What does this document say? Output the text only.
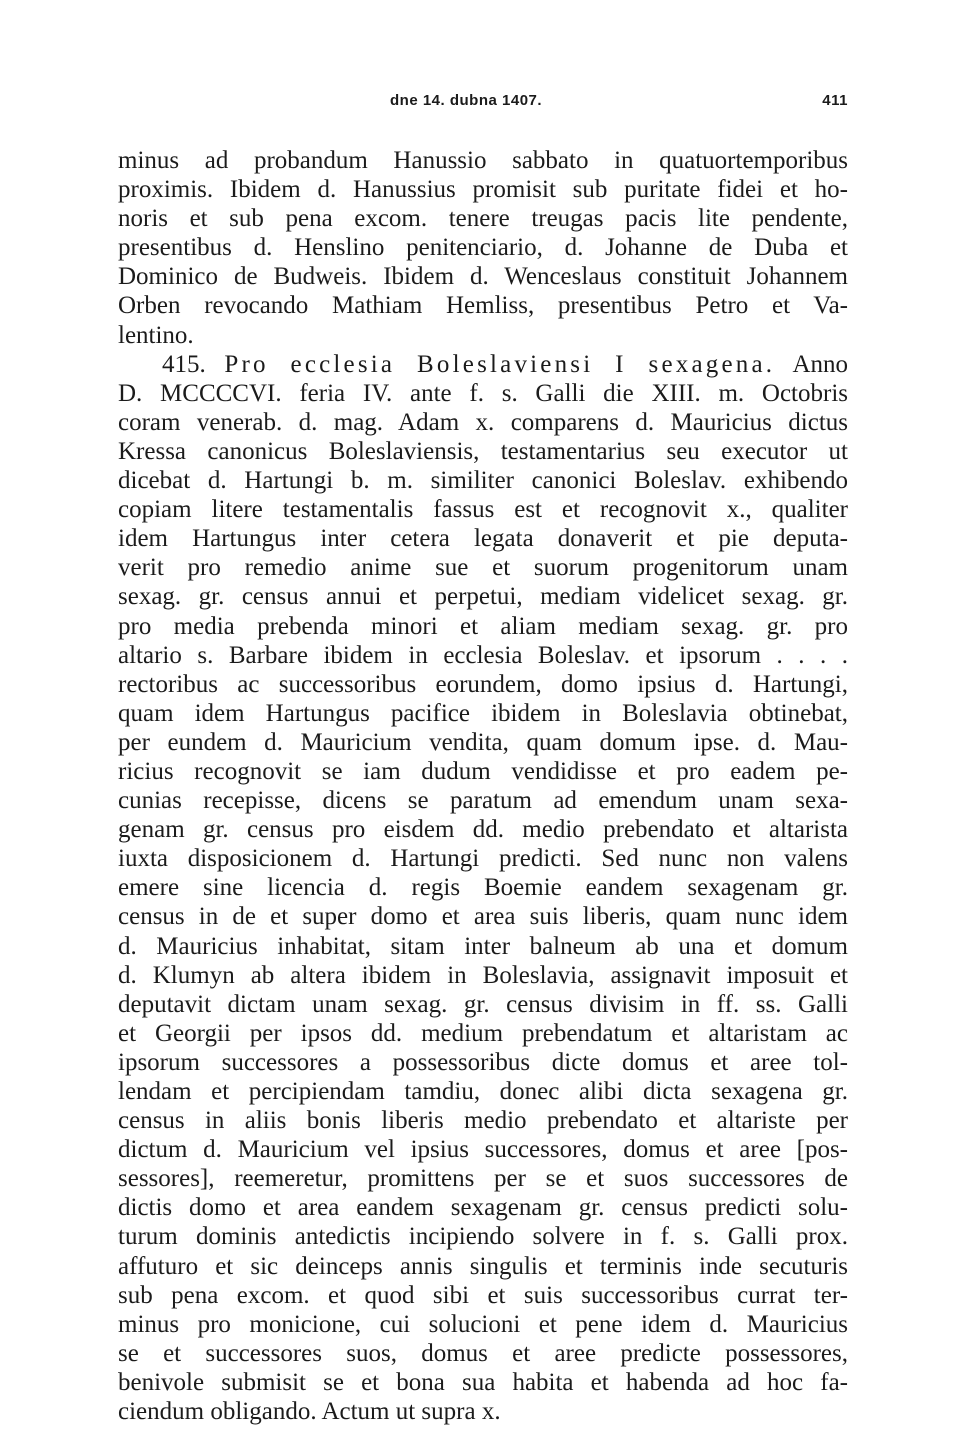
dne 14. dubna 1407.	411
minus ad probandum Hanussio sabbato in quatuortemporibus
proximis. Ibidem d. Hanussius promisit sub puritate fidei et ho-
noris et sub pena excom. tenere treugas pacis lite pendente,
presentibus d. Henslino penitenciario, d. Johanne de Duba et
Dominico de Budweis. Ibidem d. Wenceslaus constituit Johannem
Orben revocando Mathiam Hemliss, presentibus Petro et Va-
lentino.
415. Pro ecclesia Boleslaviensi I sexagena. Anno
D. MCCCCVI. feria IV. ante f. s. Galli die XIII. m. Octobris
coram venerab. d. mag. Adam x. comparens d. Mauricius dictus
Kressa canonicus Boleslaviensis, testamentarius seu executor ut
dicebat d. Hartungi b. m. similiter canonici Boleslav. exhibendo
copiam litere testamentalis fassus est et recognovit x., qualiter
idem Hartungus inter cetera legata donaverit et pie deputa-
verit pro remedio anime sue et suorum progenitorum unam
sexag. gr. census annui et perpetui, mediam videlicet sexag. gr.
pro media prebenda minori et aliam mediam sexag. gr. pro
altario s. Barbare ibidem in ecclesia Boleslav. et ipsorum . . . .
rectoribus ac successoribus eorundem, domo ipsius d. Hartungi,
quam idem Hartungus pacifice ibidem in Boleslavia obtinebat,
per eundem d. Mauricium vendita, quam domum ipse. d. Mau-
ricius recognovit se iam dudum vendidisse et pro eadem pe-
cunias recepisse, dicens se paratum ad emendum unam sexa-
genam gr. census pro eisdem dd. medio prebendato et altarista
iuxta disposicionem d. Hartungi predicti. Sed nunc non valens
emere sine licencia d. regis Boemie eandem sexagenam gr.
census in de et super domo et area suis liberis, quam nunc idem
d. Mauricius inhabitat, sitam inter balneum ab una et domum
d. Klumyn ab altera ibidem in Boleslavia, assignavit imposuit et
deputavit dictam unam sexag. gr. census divisim in ff. ss. Galli
et Georgii per ipsos dd. medium prebendatum et altaristam ac
ipsorum successores a possessoribus dicte domus et aree tol-
lendam et percipiendam tamdiu, donec alibi dicta sexagena gr.
census in aliis bonis liberis medio prebendato et altariste per
dictum d. Mauricium vel ipsius successores, domus et aree [pos-
sessores], reemeretur, promittens per se et suos successores de
dictis domo et area eandem sexagenam gr. census predicti solu-
turum dominis antedictis incipiendo solvere in f. s. Galli prox.
affuturo et sic deinceps annis singulis et terminis inde secuturis
sub pena excom. et quod sibi et suis successoribus currat ter-
minus pro monicione, cui solucioni et pene idem d. Mauricius
se et successores suos, domus et aree predicte possessores,
benivole submisit se et bona sua habita et habenda ad hoc fa-
ciendum obligando. Actum ut supra x.
